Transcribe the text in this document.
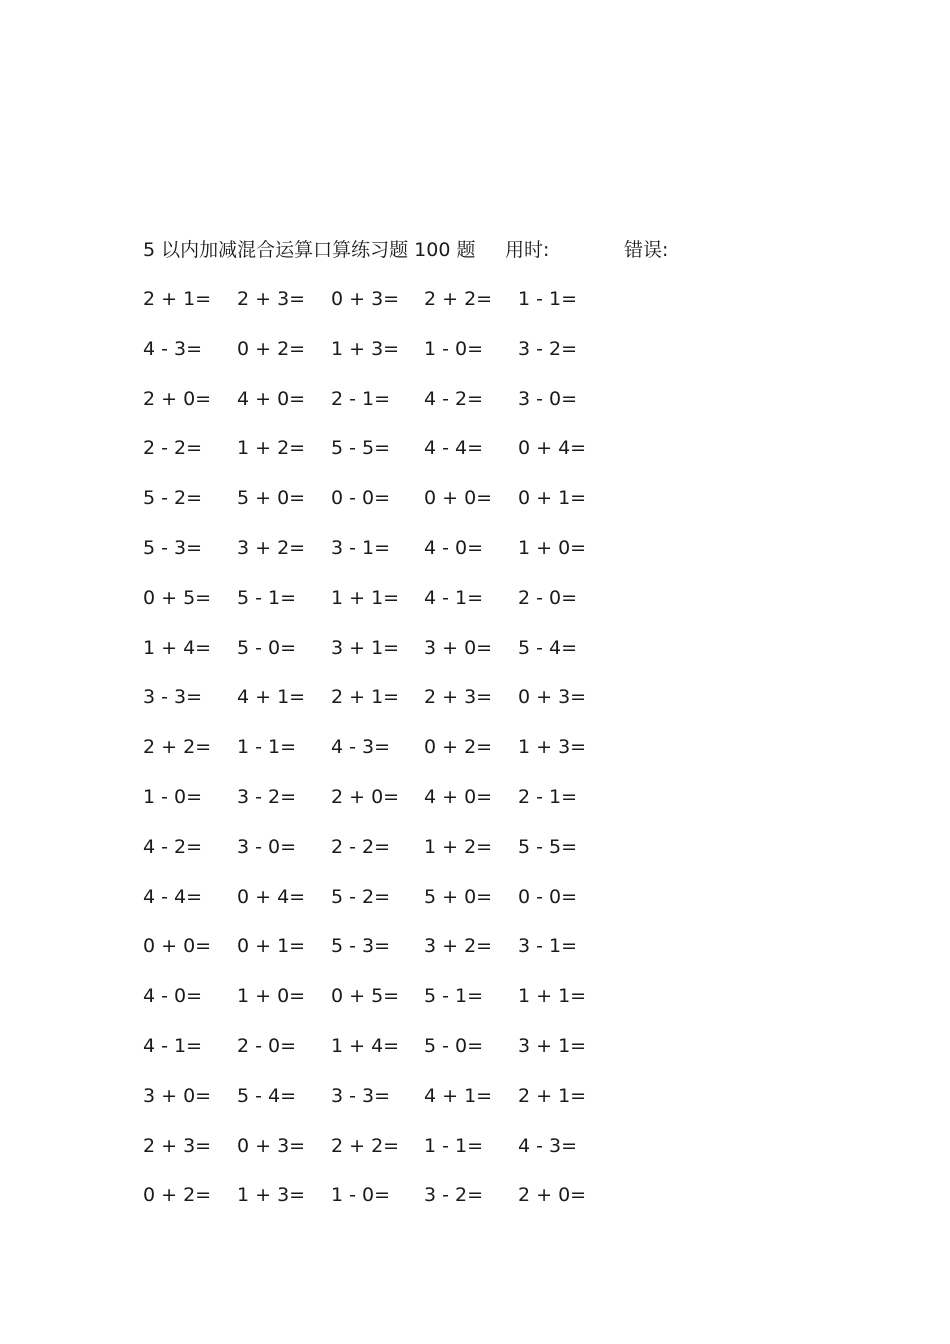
5 以内加减混合运算口算练习题 100 题 用时:	错误:
2 + 1= 2 + 3= 0 + 3= 2 + 2= 1 - 1=
4 - 3= 0 + 2= 1 + 3= 1 - 0= 3 - 2=
2 + 0= 4 + 0= 2 - 1= 4 - 2= 3 - 0=
2 - 2= 1 + 2= 5 - 5= 4 - 4= 0 + 4=
5 - 2= 5 + 0= 0 - 0= 0 + 0= 0 + 1=
5 - 3= 3 + 2= 3 - 1= 4 - 0= 1 + 0=
0 + 5= 5 - 1= 1 + 1= 4 - 1= 2 - 0=
1 + 4= 5 - 0= 3 + 1= 3 + 0= 5 - 4=
3 - 3= 4 + 1= 2 + 1= 2 + 3= 0 + 3=
2 + 2= 1 - 1= 4 - 3= 0 + 2= 1 + 3=
1 - 0= 3 - 2= 2 + 0= 4 + 0= 2 - 1=
4 - 2= 3 - 0= 2 - 2= 1 + 2= 5 - 5=
4 - 4= 0 + 4= 5 - 2= 5 + 0= 0 - 0=
0 + 0= 0 + 1= 5 - 3= 3 + 2= 3 - 1=
4 - 0= 1 + 0= 0 + 5= 5 - 1= 1 + 1=
4 - 1= 2 - 0= 1 + 4= 5 - 0= 3 + 1=
3 + 0= 5 - 4= 3 - 3= 4 + 1= 2 + 1=
2 + 3= 0 + 3= 2 + 2= 1 - 1= 4 - 3=
0 + 2= 1 + 3= 1 - 0= 3 - 2= 2 + 0=
